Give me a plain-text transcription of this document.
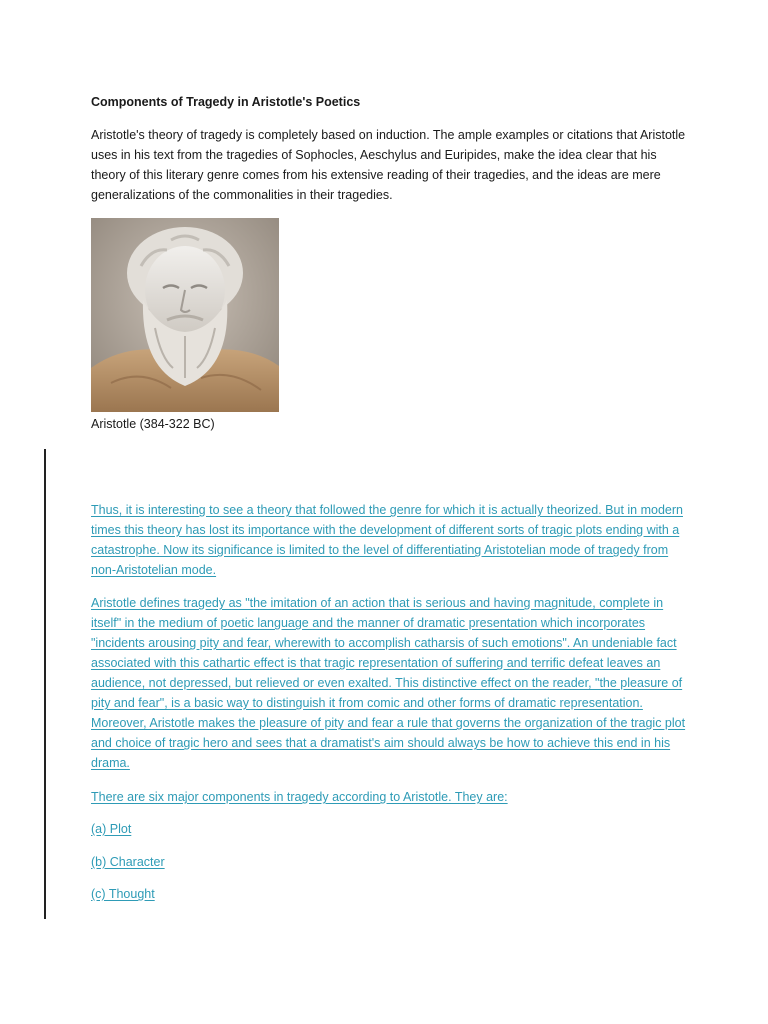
Components of Tragedy in Aristotle's Poetics

Aristotle's theory of tragedy is completely based on induction. The ample examples or citations that Aristotle uses in his text from the tragedies of Sophocles, Aeschylus and Euripides, make the idea clear that his theory of this literary genre comes from his extensive reading of their tragedies, and the ideas are mere generalizations of the commonalities in their tragedies.

Aristotle (384-322 BC)

Thus, it is interesting to see a theory that followed the genre for which it is actually theorized. But in modern times this theory has lost its importance with the development of different sorts of tragic plots ending with a catastrophe. Now its significance is limited to the level of differentiating Aristotelian mode of tragedy from non-Aristotelian mode.

Aristotle defines tragedy as "the imitation of an action that is serious and having magnitude, complete in itself" in the medium of poetic language and the manner of dramatic presentation which incorporates "incidents arousing pity and fear, wherewith to accomplish catharsis of such emotions". An undeniable fact associated with this cathartic effect is that tragic representation of suffering and terrific defeat leaves an audience, not depressed, but relieved or even exalted. This distinctive effect on the reader, "the pleasure of pity and fear", is a basic way to distinguish it from comic and other forms of dramatic representation. Moreover, Aristotle makes the pleasure of pity and fear a rule that governs the organization of the tragic plot and choice of tragic hero and sees that a dramatist's aim should always be how to achieve this end in his drama.

There are six major components in tragedy according to Aristotle. They are:

(a) Plot

(b) Character

(c) Thought
